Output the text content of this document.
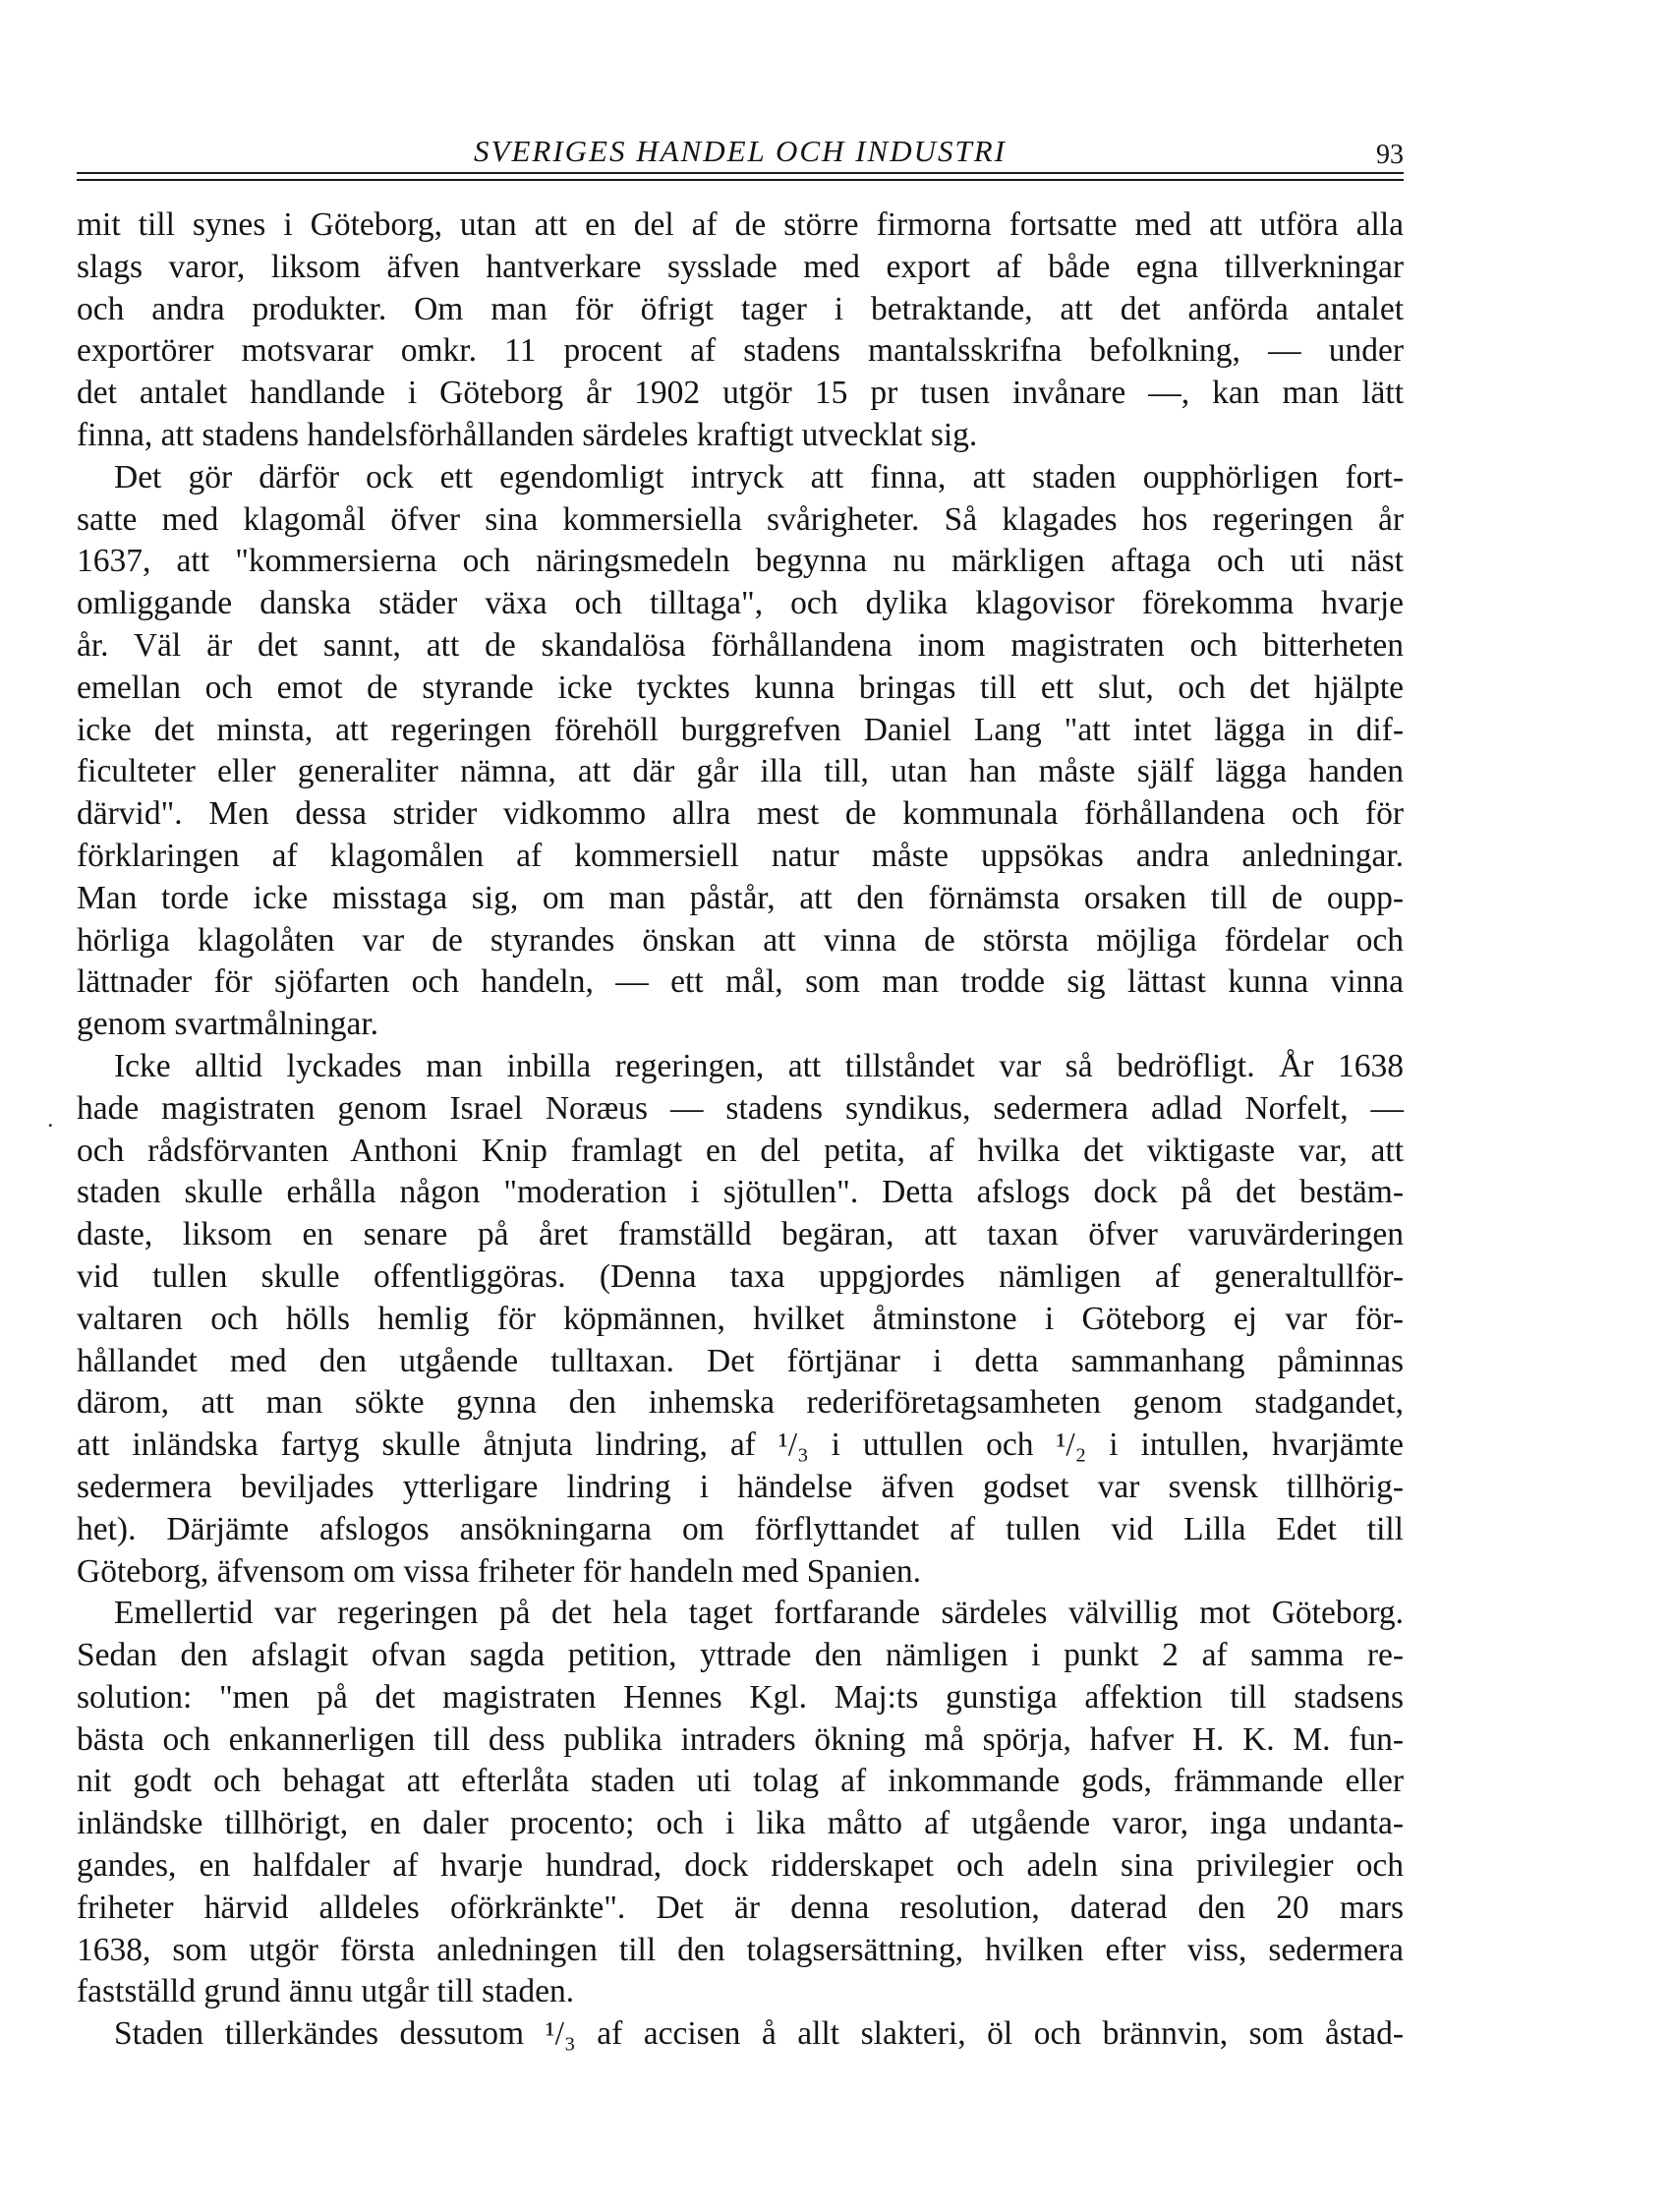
SVERIGES HANDEL OCH INDUSTRI	93
.
mit till synes i Göteborg, utan att en del af de större firmorna fortsatte med att utföra alla
slags varor, liksom äfven hantverkare sysslade med export af både egna tillverkningar
och andra produkter. Om man för öfrigt tager i betraktande, att det anförda antalet
exportörer motsvarar omkr. 11 procent af stadens mantalsskrifna befolkning, — under
det antalet handlande i Göteborg år 1902 utgör 15 pr tusen invånare —, kan man lätt
finna, att stadens handelsförhållanden särdeles kraftigt utvecklat sig.
Det gör därför ock ett egendomligt intryck att finna, att staden oupphörligen fort-
satte med klagomål öfver sina kommersiella svårigheter. Så klagades hos regeringen år
1637, att "kommersierna och näringsmedeln begynna nu märkligen aftaga och uti näst
omliggande danska städer växa och tilltaga", och dylika klagovisor förekomma hvarje
år. Väl är det sannt, att de skandalösa förhållandena inom magistraten och bitterheten
emellan och emot de styrande icke tycktes kunna bringas till ett slut, och det hjälpte
icke det minsta, att regeringen förehöll burggrefven Daniel Lang "att intet lägga in dif-
ficulteter eller generaliter nämna, att där går illa till, utan han måste själf lägga handen
därvid". Men dessa strider vidkommo allra mest de kommunala förhållandena och för
förklaringen af klagomålen af kommersiell natur måste uppsökas andra anledningar.
Man torde icke misstaga sig, om man påstår, att den förnämsta orsaken till de oupp-
hörliga klagolåten var de styrandes önskan att vinna de största möjliga fördelar och
lättnader för sjöfarten och handeln, — ett mål, som man trodde sig lättast kunna vinna
genom svartmålningar.
Icke alltid lyckades man inbilla regeringen, att tillståndet var så bedröfligt. År 1638
hade magistraten genom Israel Noræus — stadens syndikus, sedermera adlad Norfelt, —
och rådsförvanten Anthoni Knip framlagt en del petita, af hvilka det viktigaste var, att
staden skulle erhålla någon "moderation i sjötullen". Detta afslogs dock på det bestäm-
daste, liksom en senare på året framställd begäran, att taxan öfver varuvärderingen
vid tullen skulle offentliggöras. (Denna taxa uppgjordes nämligen af generaltullför-
valtaren och hölls hemlig för köpmännen, hvilket åtminstone i Göteborg ej var för-
hållandet med den utgående tulltaxan. Det förtjänar i detta sammanhang påminnas
därom, att man sökte gynna den inhemska rederiföretagsamheten genom stadgandet,
att inländska fartyg skulle åtnjuta lindring, af ¹/₃ i uttullen och ¹/₂ i intullen, hvarjämte
sedermera beviljades ytterligare lindring i händelse äfven godset var svensk tillhörig-
het). Därjämte afslogos ansökningarna om förflyttandet af tullen vid Lilla Edet till
Göteborg, äfvensom om vissa friheter för handeln med Spanien.
Emellertid var regeringen på det hela taget fortfarande särdeles välvillig mot Göteborg.
Sedan den afslagit ofvan sagda petition, yttrade den nämligen i punkt 2 af samma re-
solution: "men på det magistraten Hennes Kgl. Maj:ts gunstiga affektion till stadsens
bästa och enkannerligen till dess publika intraders ökning må spörja, hafver H. K. M. fun-
nit godt och behagat att efterlåta staden uti tolag af inkommande gods, främmande eller
inländske tillhörigt, en daler procento; och i lika måtto af utgående varor, inga undanta-
gandes, en halfdaler af hvarje hundrad, dock ridderskapet och adeln sina privilegier och
friheter härvid alldeles oförkränkte". Det är denna resolution, daterad den 20 mars
1638, som utgör första anledningen till den tolagsersättning, hvilken efter viss, sedermera
fastställd grund ännu utgår till staden.
Staden tillerkändes dessutom ¹/₃ af accisen å allt slakteri, öl och brännvin, som åstad-
